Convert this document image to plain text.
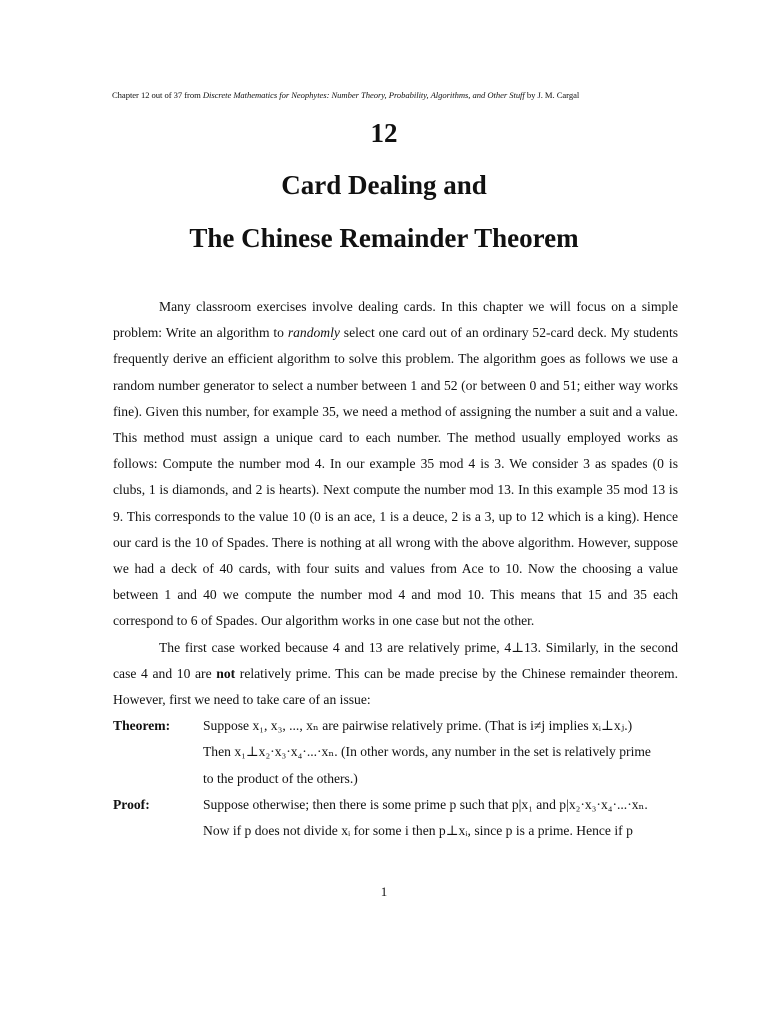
Chapter 12 out of 37 from Discrete Mathematics for Neophytes: Number Theory, Probability, Algorithms, and Other Stuff by J. M. Cargal
12
Card Dealing and
The Chinese Remainder Theorem

Many classroom exercises involve dealing cards. In this chapter we will focus on a simple problem: Write an algorithm to randomly select one card out of an ordinary 52-card deck. My students frequently derive an efficient algorithm to solve this problem. The algorithm goes as follows we use a random number generator to select a number between 1 and 52 (or between 0 and 51; either way works fine). Given this number, for example 35, we need a method of assigning the number a suit and a value. This method must assign a unique card to each number. The method usually employed works as follows: Compute the number mod 4. In our example 35 mod 4 is 3. We consider 3 as spades (0 is clubs, 1 is diamonds, and 2 is hearts). Next compute the number mod 13. In this example 35 mod 13 is 9. This corresponds to the value 10 (0 is an ace, 1 is a deuce, 2 is a 3, up to 12 which is a king). Hence our card is the 10 of Spades. There is nothing at all wrong with the above algorithm. However, suppose we had a deck of 40 cards, with four suits and values from Ace to 10. Now the choosing a value between 1 and 40 we compute the number mod 4 and mod 10. This means that 15 and 35 each correspond to 6 of Spades. Our algorithm works in one case but not the other.

The first case worked because 4 and 13 are relatively prime, 4⊥13. Similarly, in the second case 4 and 10 are not relatively prime. This can be made precise by the Chinese remainder theorem. However, first we need to take care of an issue:

Theorem:	Suppose x₁, x₃, ..., xₙ are pairwise relatively prime. (That is i≠j implies xᵢ⊥xⱼ.)
Then x₁⊥x₂·x₃·x₄·...·xₙ. (In other words, any number in the set is relatively prime
to the product of the others.)
Proof:	Suppose otherwise; then there is some prime p such that p|x₁ and p|x₂·x₃·x₄·...·xₙ.
Now if p does not divide xᵢ for some i then p⊥xᵢ, since p is a prime. Hence if p
1
